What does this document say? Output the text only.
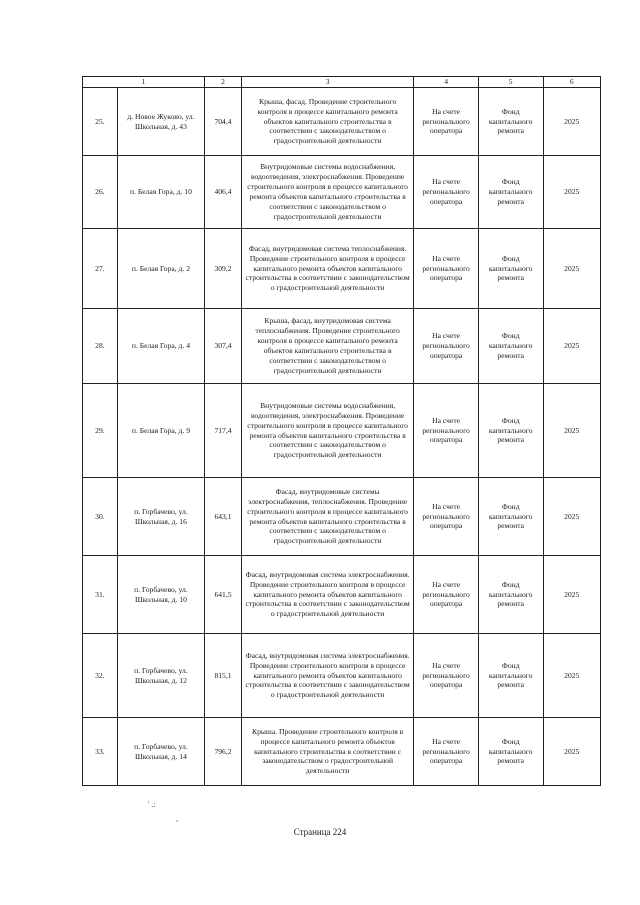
1		2	3	4	5	6
25.	д. Новое Жуково, ул. Школьная, д. 43	704,4	Крыша, фасад. Проведение строительного контроля в процессе капитального ремонта объектов капитального строительства в соответствии с законодательством о градостроительной деятельности	На счете регионального оператора	Фонд капитального ремонта	2025
26.	п. Белая Гора, д. 10	406,4	Внутридомовые системы водоснабжения, водоотведения, электроснабжения. Проведение строительного контроля в процессе капитального ремонта объектов капитального строительства в соответствии с законодательством о градостроительной деятельности	На счете регионального оператора	Фонд капитального ремонта	2025
27.	п. Белая Гора, д. 2	309,2	Фасад, внутридомовая система теплоснабжения. Проведение строительного контроля в процессе капитального ремонта объектов капитального строительства в соответствии с законодательством о градостроительной деятельности	На счете регионального оператора	Фонд капитального ремонта	2025
28.	п. Белая Гора, д. 4	307,4	Крыша, фасад, внутридомовая система теплоснабжения. Проведение строительного контроля в процессе капитального ремонта объектов капитального строительства в соответствии с законодательством о градостроительной деятельности	На счете регионального оператора	Фонд капитального ремонта	2025
29.	п. Белая Гора, д. 9	717,4	Внутридомовые системы водоснабжения, водоотведения, электроснабжения. Проведение строительного контроля в процессе капитального ремонта объектов капитального строительства в соответствии с законодательством о градостроительной деятельности	На счете регионального оператора	Фонд капитального ремонта	2025
30.	п. Горбачево, ул. Школьная, д. 16	643,1	Фасад, внутридомовые системы электроснабжения, теплоснабжения. Проведение строительного контроля в процессе капитального ремонта объектов капитального строительства в соответствии с законодательством о градостроительной деятельности	На счете регионального оператора	Фонд капитального ремонта	2025
31.	п. Горбачево, ул. Школьная, д. 10	641,5	Фасад, внутридомовая система электроснабжения. Проведение строительного контроля в процессе капитального ремонта объектов капитального строительства в соответствии с законодательством о градостроительной деятельности	На счете регионального оператора	Фонд капитального ремонта	2025
32.	п. Горбачево, ул. Школьная, д. 12	815,1	Фасад, внутридомовая система электроснабжения. Проведение строительного контроля в процессе капитального ремонта объектов капитального строительства в соответствии с законодательством о градостроительной деятельности	На счете регионального оператора	Фонд капитального ремонта	2025
33.	п. Горбачево, ул. Школьная, д. 14	796,2	Крыша. Проведение строительного контроля в процессе капитального ремонта объектов капитального строительства в соответствии с законодательством о градостроительной деятельности	На счете регионального оператора	Фонд капитального ремонта	2025
' .:
,
Страница 224
